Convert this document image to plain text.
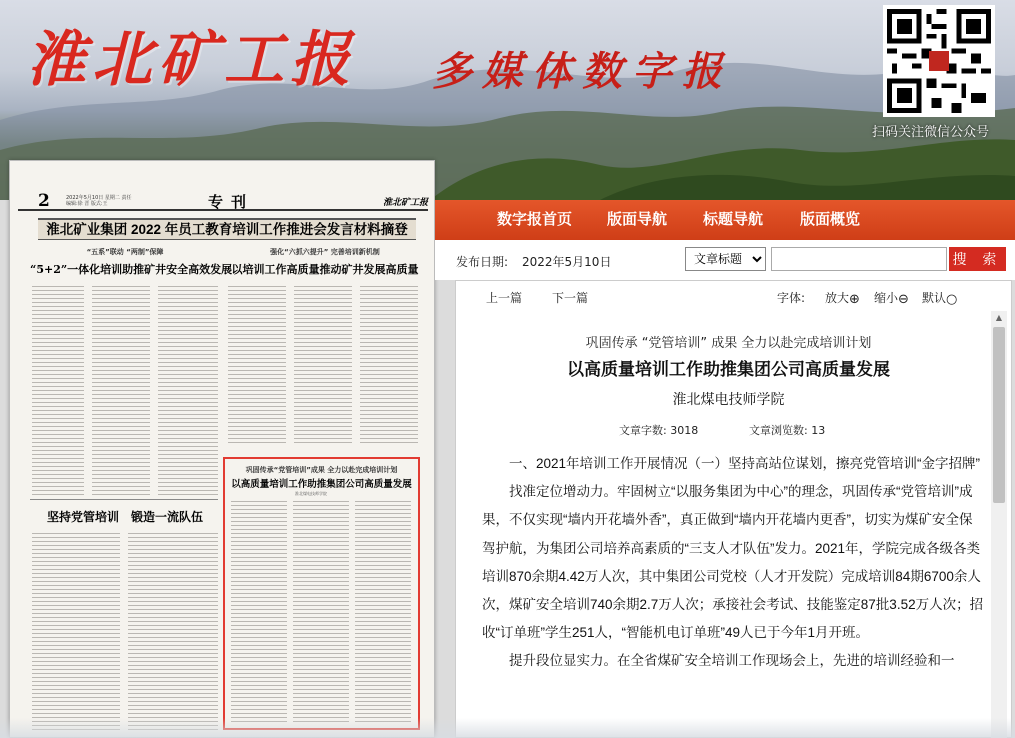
淮北矿工报 多媒体数字报
扫码关注微信公众号
2	2022年5月10日 星期二 责任编辑:徐 晋 版式:王	专刊	淮北矿工报
淮北矿业集团 2022 年员工教育培训工作推进会发言材料摘登
“五系”联动 “两制”保障
“5+2”一体化培训助推矿井安全高效发展
强化“六抓六提升” 完善培训新机制
以培训工作高质量推动矿井发展高质量
坚持党管培训　锻造一流队伍
巩固传承“党管培训”成果 全力以赴完成培训计划
以高质量培训工作助推集团公司高质量发展
淮北煤电技师学院
数字报首页 版面导航 标题导航 版面概览
发布日期: 2022年5月10日
文章标题	搜 索
上一篇 下一篇	字体: 放大⊕ 缩小⊖ 默认○
巩固传承 “党管培训” 成果 全力以赴完成培训计划
以高质量培训工作助推集团公司高质量发展
淮北煤电技师学院
文章字数: 3018	文章浏览数: 13

一、2021年培训工作开展情况（一）坚持高站位谋划，擦亮党管培训“金字招牌”

找准定位增动力。牢固树立“以服务集团为中心”的理念，巩固传承“党管培训”成果，不仅实现“墙内开花墙外香”，真正做到“墙内开花墙内更香”，切实为煤矿安全保驾护航，为集团公司培养高素质的“三支人才队伍”发力。2021年，学院完成各级各类培训870余期4.42万人次，其中集团公司党校（人才开发院）完成培训84期6700余人次，煤矿安全培训740余期2.7万人次；承接社会考试、技能鉴定87批3.52万人次；招收“订单班”学生251人，“智能机电订单班”49人已于今年1月开班。

提升段位显实力。在全省煤矿安全培训工作现场会上，先进的培训经验和一

▲
